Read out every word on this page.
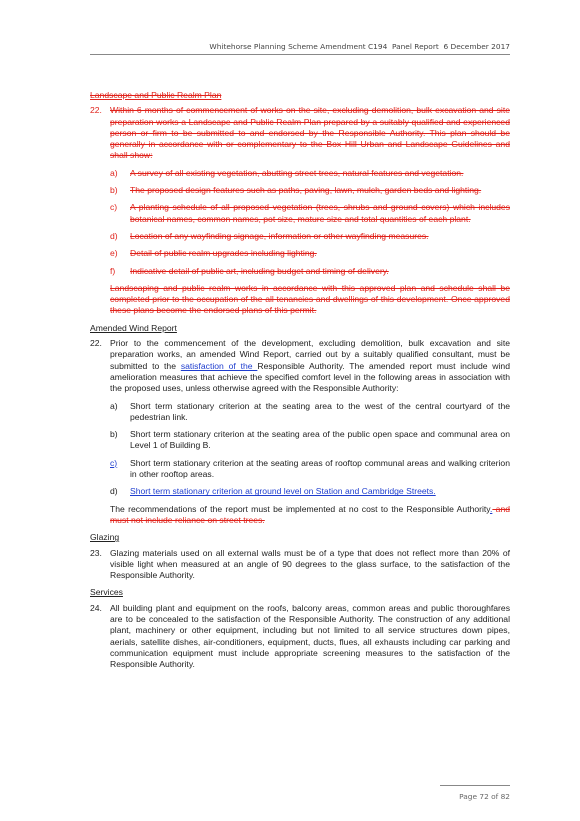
Whitehorse Planning Scheme Amendment C194  Panel Report  6 December 2017
Landscape and Public Realm Plan
22. Within 6 months of commencement of works on the site, excluding demolition, bulk excavation and site preparation works a Landscape and Public Realm Plan prepared by a suitably qualified and experienced person or firm to be submitted to and endorsed by the Responsible Authority. This plan should be generally in accordance with or complementary to the Box Hill Urban and Landscape Guidelines and shall show:
a)	A survey of all existing vegetation, abutting street trees, natural features and vegetation.
b)	The proposed design features such as paths, paving, lawn, mulch, garden beds and lighting.
c)	A planting schedule of all proposed vegetation (trees, shrubs and ground covers) which includes botanical names, common names, pot size, mature size and total quantities of each plant.
d)	Location of any wayfinding signage, information or other wayfinding measures.
e)	Detail of public realm upgrades including lighting.
f)	Indicative detail of public art, including budget and timing of delivery.
Landscaping and public realm works in accordance with this approved plan and schedule shall be completed prior to the occupation of the all tenancies and dwellings of this development. Once approved these plans become the endorsed plans of this permit.
Amended Wind Report
22. Prior to the commencement of the development, excluding demolition, bulk excavation and site preparation works, an amended Wind Report, carried out by a suitably qualified consultant, must be submitted to the satisfaction of the Responsible Authority. The amended report must include wind amelioration measures that achieve the specified comfort level in the following areas in association with the proposed uses, unless otherwise agreed with the Responsible Authority:
a)	Short term stationary criterion at the seating area to the west of the central courtyard of the pedestrian link.
b)	Short term stationary criterion at the seating area of the public open space and communal area on Level 1 of Building B.
c)	Short term stationary criterion at the seating areas of rooftop communal areas and walking criterion in other rooftop areas.
d)	Short term stationary criterion at ground level on Station and Cambridge Streets.
The recommendations of the report must be implemented at no cost to the Responsible Authority. and must not include reliance on street trees.
Glazing
23. Glazing materials used on all external walls must be of a type that does not reflect more than 20% of visible light when measured at an angle of 90 degrees to the glass surface, to the satisfaction of the Responsible Authority.
Services
24. All building plant and equipment on the roofs, balcony areas, common areas and public thoroughfares are to be concealed to the satisfaction of the Responsible Authority. The construction of any additional plant, machinery or other equipment, including but not limited to all service structures down pipes, aerials, satellite dishes, air-conditioners, equipment, ducts, flues, all exhausts including car parking and communication equipment must include appropriate screening measures to the satisfaction of the Responsible Authority.
Page 72 of 82
